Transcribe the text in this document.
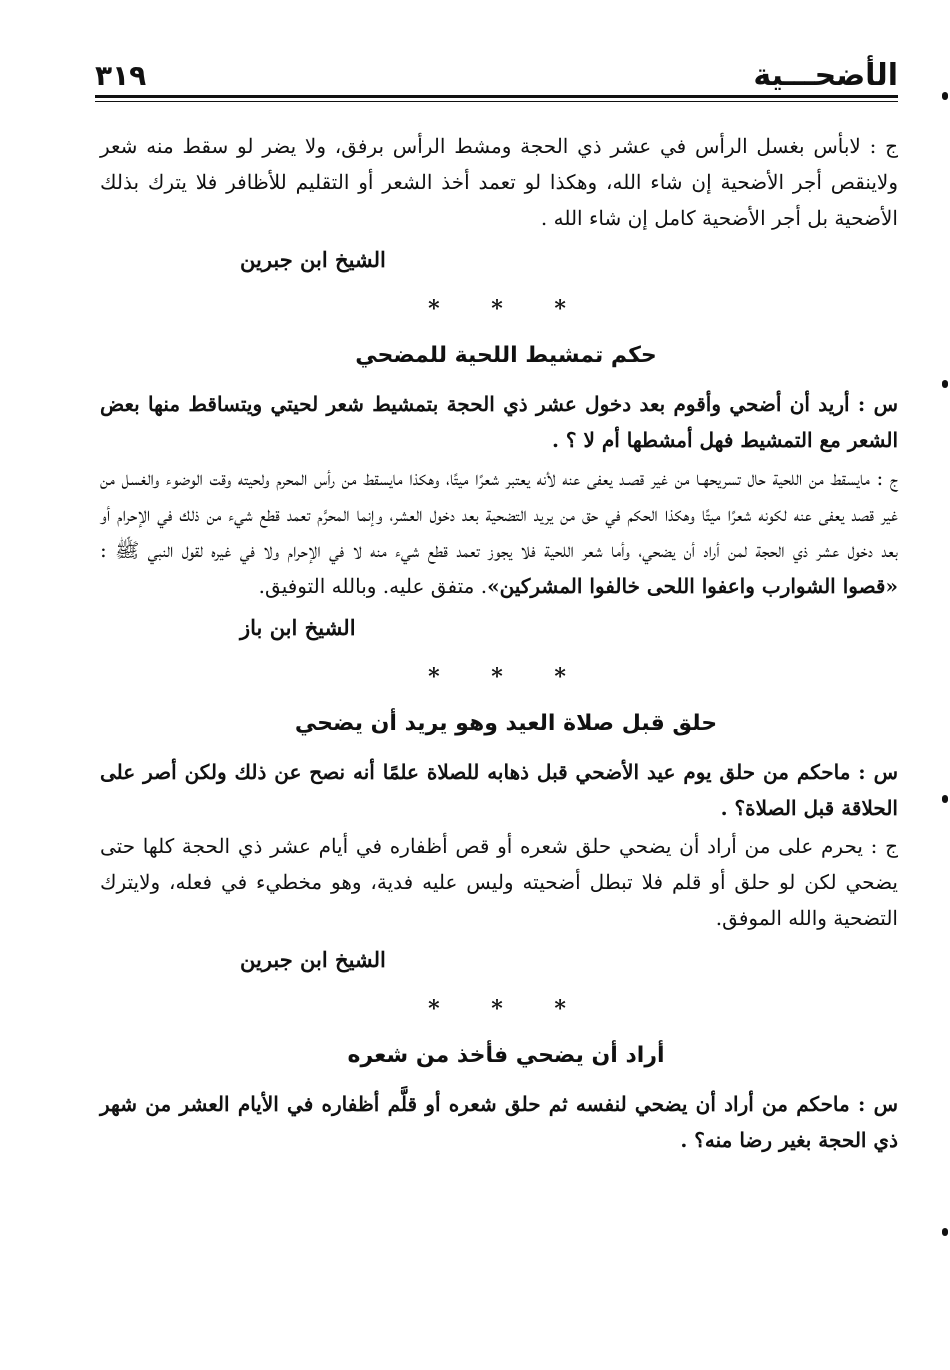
الأضحـــية
٣١٩

ج : لابأس بغسل الرأس في عشر ذي الحجة ومشط الرأس برفق، ولا يضر لو سقط منه شعر ولاينقص أجر الأضحية إن شاء الله، وهكذا لو تعمد أخذ الشعر أو التقليم للأظافر فلا يترك بذلك الأضحية بل أجر الأضحية كامل إن شاء الله .

الشيخ ابن جبرين

* * *

حكم تمشيط اللحية للمضحي

س : أريد أن أضحي وأقوم بعد دخول عشر ذي الحجة بتمشيط شعر لحيتي ويتساقط منها بعض الشعر مع التمشيط فهل أمشطها أم لا ؟ .

ج : مايسقط من اللحية حال تسريحهـا من غير قصـد يعفى عنه لأنه يعتبر شعرًا ميتًا، وهكذا مايسقط من رأس المحرم ولحيته وقت الوضوء والغسل من غير قصد يعفى عنه لكونه شعرًا ميتًا وهكذا الحكم في حق من يريد التضحية بعد دخول العشر، وإنما المحرَّم تعمد قطع شيء من ذلك في الإحرام أو بعد دخول عشر ذي الحجة لمن أراد أن يضحي، وأما شعر اللحية فلا يجوز تعمد قطع شيء منه لا في الإحرام ولا في غيره لقول النبي ﷺ : «قصوا الشوارب واعفوا اللحى خالفوا المشركين». متفق عليه. وبالله التوفيق.

الشيخ ابن باز

* * *

حلق قبل صلاة العيد وهو يريد أن يضحي

س : ماحكم من حلق يوم عيد الأضحي قبل ذهابه للصلاة علمًا أنه نصح عن ذلك ولكن أصر على الحلاقة قبل الصلاة؟ .

ج : يحرم على من أراد أن يضحي حلق شعره أو قص أظفاره في أيام عشر ذي الحجة كلها حتى يضحي لكن لو حلق أو قلم فلا تبطل أضحيته وليس عليه فدية، وهو مخطيء في فعله، ولايترك التضحية والله الموفق.

الشيخ ابن جبرين

* * *

أراد أن يضحي فأخذ من شعره

س : ماحكم من أراد أن يضحي لنفسه ثم حلق شعره أو قلَّم أظفاره في الأيام العشر من شهر ذي الحجة بغير رضا منه؟ .
